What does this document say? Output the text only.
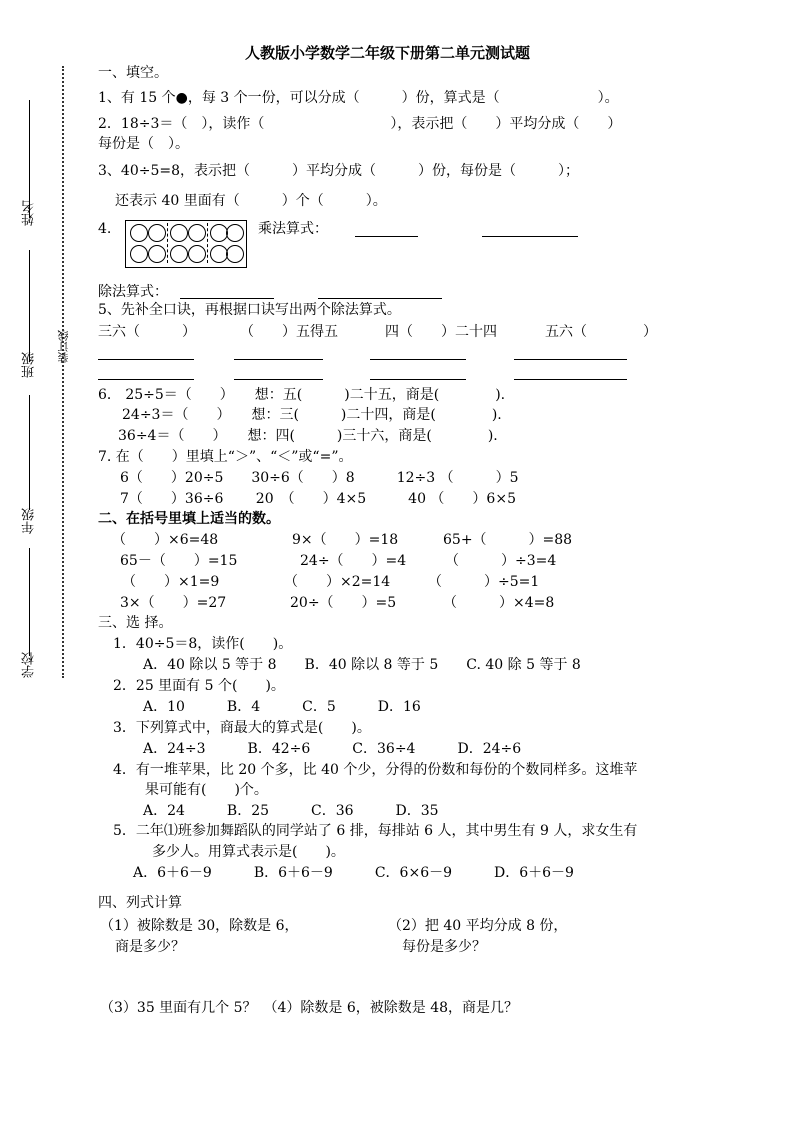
姓名
班级
年级
学校
装订线
人教版小学数学二年级下册第二单元测试题
一、填空。
1、有 15 个●，每 3 个一份，可以分成（　　　）份，算式是（　　　　　　　）。
2．18÷3＝（　），读作（　　　　　　　　　），表示把（　　）平均分成（　　）
每份是（　）。
3、40÷5=8，表示把（　　　）平均分成（　　　）份，每份是（　　　）；
还表示 40 里面有（　　　）个（　　　）。
4.	乘法算式：
除法算式：
5、先补全口诀，再根据口诀写出两个除法算式。
三六（　　　）	（　　）五得五	四（　　）二十四	五六（　　　　）
6． 25÷5＝（　　）　　想：五(　　　)二十五，商是(　　　　).
24÷3＝（　　）　　想：三(　　　)二十四，商是(　　　　).
36÷4＝（　　）　　想：四(　　　)三十六，商是(　　　　).
7. 在（　　）里填上“＞”、“＜”或“=”。
6（　　）20÷5　　30÷6（　　）8　　　12÷3 （　　　）5
7（　　）36÷6　　 20　（　　）4×5　　　40 （　　）6×5
二、在括号里填上适当的数。
（　　）×6=48	9×（　　）=18	65+（　　　）=88
65－（　　）=15	24÷（　　）=4	（　　　）÷3=4
（　　）×1=9	（　　）×2=14	（　　　）÷5=1
3×（　　）=27	20÷（　　）=5	（　　　）×4=8
三、选 择。
1．40÷5＝8，读作(　　)。
A．40 除以 5 等于 8　　B．40 除以 8 等于 5　　C. 40 除 5 等于 8
2．25 里面有 5 个(　　)。
A．10　　　B．4　　　C．5　　　D．16
3．下列算式中，商最大的算式是(　　)。
A．24÷3　　　B．42÷6　　　C．36÷4　　　D．24÷6
4．有一堆苹果，比 20 个多，比 40 个少，分得的份数和每份的个数同样多。这堆苹
果可能有(　　)个。
A．24　　　B．25　　　C．36　　　D．35
5．二年⑴班参加舞蹈队的同学站了 6 排，每排站 6 人，其中男生有 9 人，求女生有
多少人。用算式表示是(　　)。
A．6＋6－9　　　B．6＋6－9　　　C．6×6－9　　　D．6＋6－9
四、列式计算
（1）被除数是 30，除数是 6，
商是多少？
（2）把 40 平均分成 8 份，
每份是多少？
（3）35 里面有几个 5？　（4）除数是 6，被除数是 48，商是几？
